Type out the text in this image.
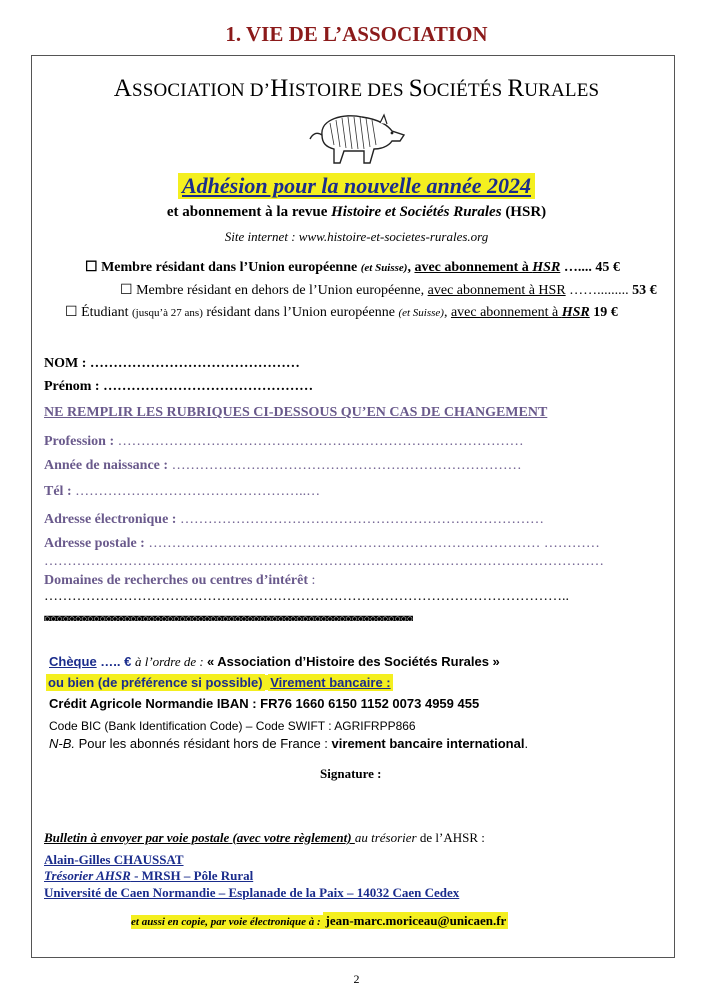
1. VIE DE L’ASSOCIATION
ASSOCIATION D’HISTOIRE DES SOCIÉTÉS RURALES
Adhésion pour la nouvelle année 2024
et abonnement à la revue Histoire et Sociétés Rurales (HSR)
Site internet : www.histoire-et-societes-rurales.org
☐ Membre résidant dans l’Union européenne (et Suisse), avec abonnement à HSR ….... 45 €
☐ Membre résidant en dehors de l’Union européenne, avec abonnement à HSR ……......... 53 €
☐ Étudiant (jusqu’à 27 ans) résidant dans l’Union européenne (et Suisse), avec abonnement à HSR 19 €
NOM : ………………………………………
Prénom : ………………………………………
NE REMPLIR LES RUBRIQUES CI-DESSOUS QU’EN CAS DE CHANGEMENT
Profession : ……………………………………………………………………………
Année de naissance : …………………………………………………………………
Tél : …………………………………………..…
Adresse électronique : ……………………………………………………………………
Adresse postale : ………………………………………………………………………… …………
…………………………………………………………………………………………………………
Domaines de recherches ou centres d’intérêt :
…………………………………………………………………………………………………..
◙◙◙◙◙◙◙◙◙◙◙◙◙◙◙◙◙◙◙◙◙◙◙◙◙◙◙◙◙◙◙◙◙◙◙◙◙◙◙◙◙◙◙◙◙◙◙◙◙◙◙◙◙◙◙◙◙◙◙◙
Chèque ….. € à l’ordre de : « Association d’Histoire des Sociétés Rurales »
ou bien (de préférence si possible) Virement bancaire :
Crédit Agricole Normandie IBAN : FR76 1660 6150 1152 0073 4959 455
Code BIC (Bank Identification Code) – Code SWIFT : AGRIFRPP866
N-B. Pour les abonnés résidant hors de France : virement bancaire international.
Signature :
Bulletin à envoyer par voie postale (avec votre règlement) au trésorier de l’AHSR :
Alain-Gilles CHAUSSAT
Trésorier AHSR - MRSH – Pôle Rural
Université de Caen Normandie – Esplanade de la Paix – 14032 Caen Cedex
et aussi en copie, par voie électronique à : jean-marc.moriceau@unicaen.fr
2
